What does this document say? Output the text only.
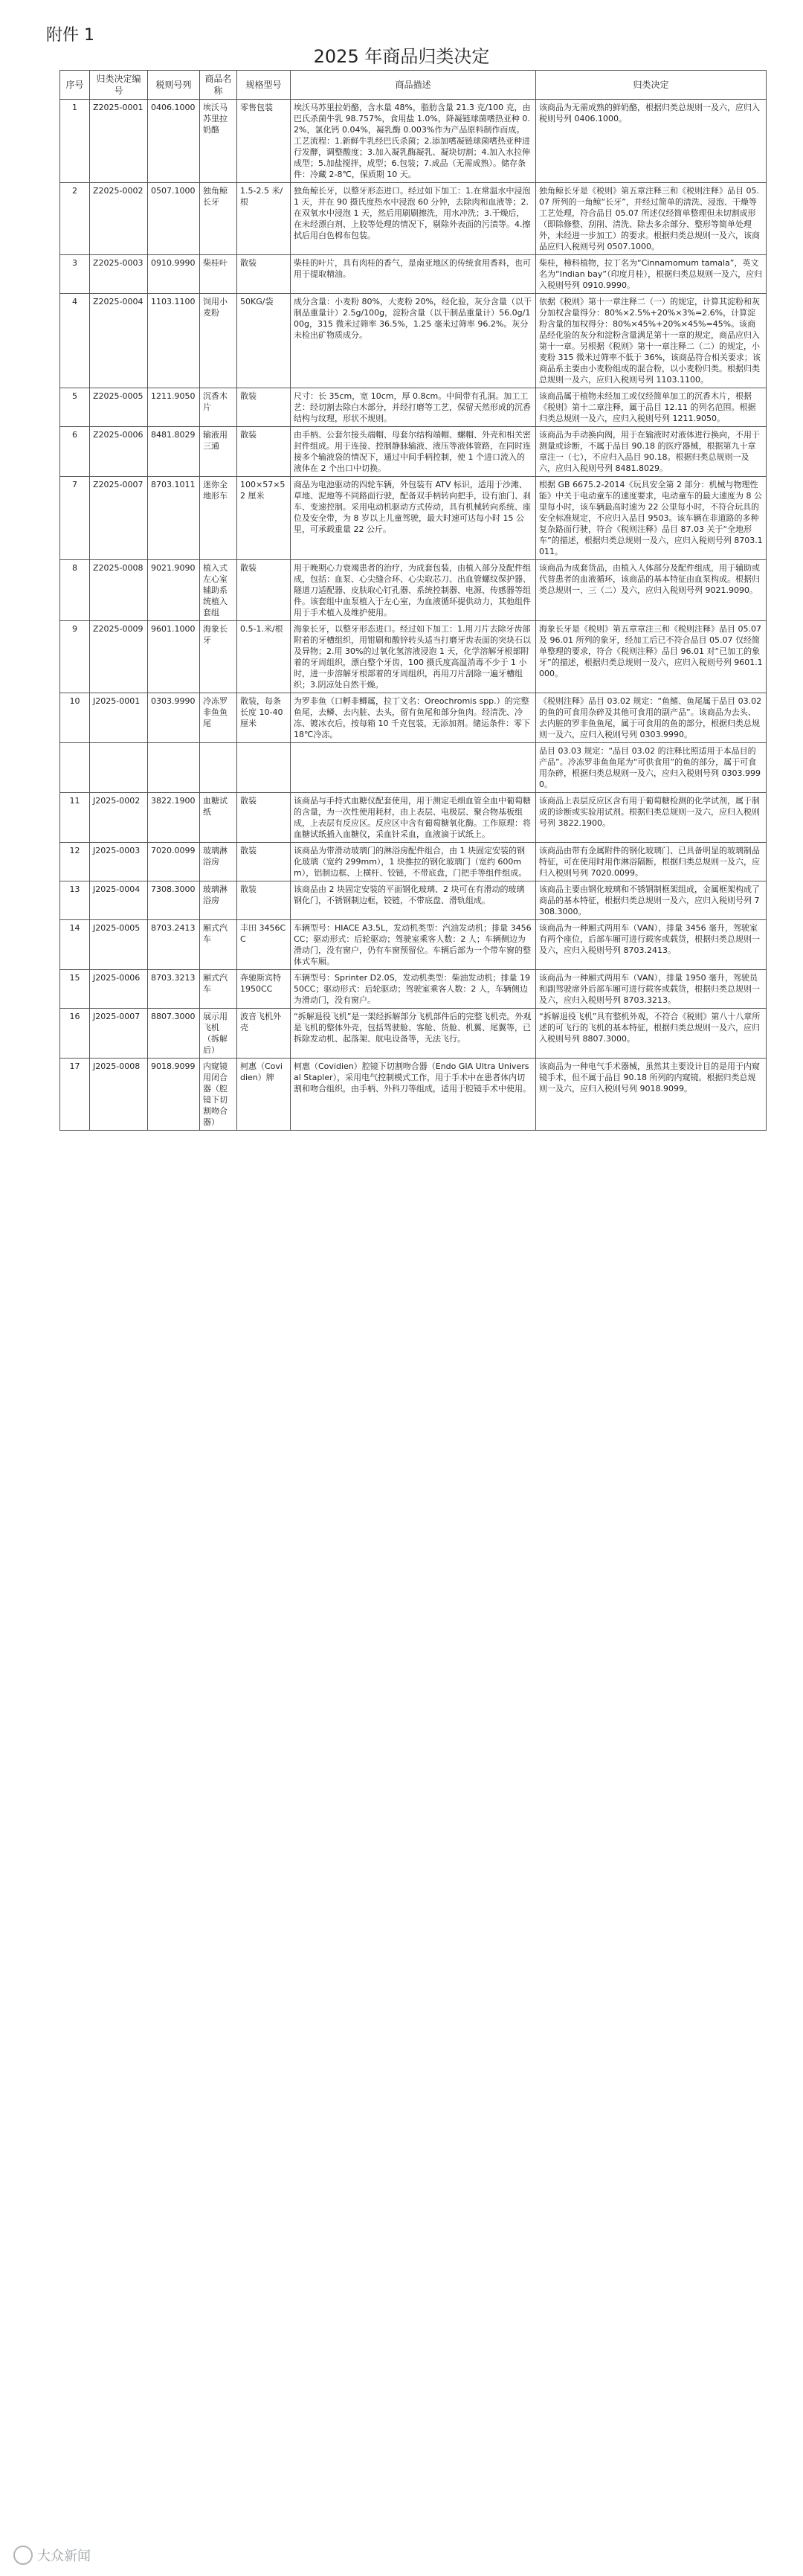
附件 1
2025 年商品归类决定
序号	归类决定编号	税则号列	商品名称	规格型号	商品描述	归类决定
1	Z2025-0001	0406.1000	埃沃马苏里拉奶酪	零售包装	埃沃马苏里拉奶酪，含水量 48%，脂肪含量 21.3 克/100 克，由巴氏杀菌牛乳 98.757%，食用盐 1.0%，降凝链球菌嗜热亚种 0.2%，氯化钙 0.04%，凝乳酶 0.003%作为产品原料制作而成。工艺流程：1.新鲜牛乳经巴氏杀菌；2.添加嗜凝链球菌嗜热亚种进行发酵，调整酸度；3.加入凝乳酶凝乳、凝块切割；4.加入水拉伸成型；5.加盐搅拌，成型；6.包装；7.成品（无需成熟）。储存条件：冷藏 2-8℃，保质期 10 天。	该商品为无需成熟的鲜奶酪，根据归类总规则一及六，应归入税则号列 0406.1000。
2	Z2025-0002	0507.1000	独角鲸长牙	1.5-2.5 米/根	独角鲸长牙，以整牙形态进口。经过如下加工：1.在常温水中浸泡 1 天，并在 90 摄氏度热水中浸泡 60 分钟，去除肉和血液等；2.在双氧水中浸泡 1 天，然后用刷刷擦洗，用水冲洗；3.干燥后，在未经漂白剂、上胶等处理的情况下，剔除外表面的污渍等。4.擦拭后用白色棉布包装。	独角鲸长牙是《税则》第五章注释三和《税则注释》品目 05.07 所列的一角鲸“长牙”，并经过简单的清洗、浸泡、干燥等工艺处理，符合品目 05.07 所述仅经简单整理但未切割成形（即除修整、刮削、清洗、除去多余部分、整形等简单处理外，未经进一步加工）的要求。根据归类总规则一及六，该商品应归入税则号列 0507.1000。
3	Z2025-0003	0910.9990	柴桂叶	散装	柴桂的叶片，具有肉桂的香气，是南亚地区的传统食用香料，也可用于提取精油。	柴桂，樟科植物，拉丁名为“Cinnamomum tamala”，英文名为“Indian bay”（印度月桂），根据归类总规则一及六，应归入税则号列 0910.9990。
4	Z2025-0004	1103.1100	饲用小麦粉	50KG/袋	成分含量：小麦粉 80%，大麦粉 20%，经化验，灰分含量（以干制品重量计）2.5g/100g，淀粉含量（以干制品重量计）56.0g/100g，315 微米过筛率 36.5%，1.25 毫米过筛率 96.2%。灰分未检出矿物质成分。	依据《税则》第十一章注释二（一）的规定，计算其淀粉和灰分加权含量得分：80%×2.5%+20%×3%=2.6%，计算淀粉含量的加权得分：80%×45%+20%×45%=45%。该商品经化验的灰分和淀粉含量满足第十一章的规定，商品应归入第十一章。另根据《税则》第十一章注释二（二）的规定，小麦粉 315 微米过筛率不低于 36%，该商品符合相关要求；该商品系主要由小麦粉组成的混合粉，以小麦粉归类。根据归类总规则一及六，应归入税则号列 1103.1100。
5	Z2025-0005	1211.9050	沉香木片	散装	尺寸：长 35cm，宽 10cm，厚 0.8cm。中间带有孔洞。加工工艺：经切割去除白木部分，并经打磨等工艺，保留天然形成的沉香结构与纹理，形状不规则。	该商品属于植物未经加工或仅经简单加工的沉香木片，根据《税则》第十二章注释，属于品目 12.11 的列名范围。根据归类总规则一及六，应归入税则号列 1211.9050。
6	Z2025-0006	8481.8029	输液用三通	散装	由手柄、公套尔接头端帽、母套尔结构端帽、螺帽、外壳和相关密封件组成。用于连接、控制静脉输液、液压等液体管路，在同时连接多个输液袋的情况下，通过中间手柄控制，使 1 个进口流入的液体在 2 个出口中切换。	该商品为手动换向阀，用于在输液时对液体进行换向，不用于测量或诊断，不属于品目 90.18 的医疗器械，根据第九十章章注一（七），不应归入品目 90.18。根据归类总规则一及六，应归入税则号列 8481.8029。
7	Z2025-0007	8703.1011	迷你全地形车	100×57×52 厘米	商品为电池驱动的四轮车辆，外包装有 ATV 标识，适用于沙滩、草地、泥地等不同路面行驶，配备双手柄转向把手，设有油门、刹车、变速控制。采用电动机驱动方式传动，具有机械转向系统、座位及安全带，为 8 岁以上儿童驾驶，最大时速可达每小时 15 公里，可承载重量 22 公斤。	根据 GB 6675.2-2014《玩具安全第 2 部分：机械与物理性能》中关于电动童车的速度要求，电动童车的最大速度为 8 公里每小时，该车辆最高时速为 22 公里每小时，不符合玩具的安全标准规定，不应归入品目 9503。该车辆在非道路的多种复杂路面行驶，符合《税则注释》品目 87.03 关于“全地形车”的描述，根据归类总规则一及六，应归入税则号列 8703.1011。
8	Z2025-0008	9021.9090	植入式左心室辅助系统植入套组	散装	用于晚期心力衰竭患者的治疗，为成套包装，由植入部分及配件组成，包括：血泵、心尖缝合环、心尖取芯刀、出血管螺纹保护器、隧道刀适配器、皮肤取心钉孔器、系统控制器、电源、传感器等组件。该套组中血泵植入于左心室，为血液循环提供动力，其他组件用于手术植入及维护使用。	该商品为成套货品，由植入人体部分及配件组成，用于辅助或代替患者的血液循环，该商品的基本特征由血泵构成。根据归类总规则一、三（二）及六，应归入税则号列 9021.9090。
9	Z2025-0009	9601.1000	海象长牙	0.5-1.米/根	海象长牙，以整牙形态进口。经过如下加工：1.用刀片去除牙齿部附着的牙槽组织，用钳刷和酸锌转头适当打磨牙齿表面的突块石以及异物；2.用 30%的过氧化氢溶液浸泡 1 天，化学溶解牙根部附着的牙周组织，漂白整个牙齿，100 摄氏度高温消毒不少于 1 小时，进一步溶解牙根部着的牙周组织，再用刀片刮除一遍牙槽组织；3.阴凉处自然干燥。	海象长牙是《税则》第五章章注三和《税则注释》品目 05.07 及 96.01 所列的象牙，经加工后已不符合品目 05.07 仅经简单整理的要求，符合《税则注释》品目 96.01 对“已加工的象牙”的描述，根据归类总规则一及六，应归入税则号列 9601.1000。
10	J2025-0001	0303.9990	冷冻罗非鱼鱼尾	散装，每条长度 10-40 厘米	为罗非鱼（口孵非鲫属，拉丁文名：Oreochromis spp.）的完整鱼尾，去鳞、去内脏、去头，留有鱼尾和部分鱼肉。经清洗、冷冻、镀冰衣后，按每箱 10 千克包装，无添加剂。储运条件：零下 18℃冷冻。	《税则注释》品目 03.02 规定：“鱼鳍、鱼尾属于品目 03.02 的鱼的可食用杂碎及其他可食用的副产品”。该商品为去头、去内脏的罗非鱼鱼尾，属于可食用的鱼的部分，根据归类总规则一及六，应归入税则号列 0303.9990。
						品目 03.03 规定：“品目 03.02 的注释比照适用于本品目的产品”。冷冻罗非鱼鱼尾为“可供食用”的鱼的部分，属于可食用杂碎，根据归类总规则一及六，应归入税则号列 0303.9990。
11	J2025-0002	3822.1900	血糖试纸	散装	该商品与手持式血糖仪配套使用，用于测定毛细血管全血中葡萄糖的含量，为一次性使用耗材，由上表层、电极层、聚合物基板组成，上表层有反应区。反应区中含有葡萄糖氧化酶。工作原理：将血糖试纸插入血糖仪，采血针采血，血液滴于试纸上。	该商品上表层反应区含有用于葡萄糖检测的化学试剂，属于制成的诊断或实验用试剂。根据归类总规则一及六，应归入税则号列 3822.1900。
12	J2025-0003	7020.0099	玻璃淋浴房	散装	该商品为带滑动玻璃门的淋浴房配件组合，由 1 块固定安装的钢化玻璃（宽约 299mm），1 块推拉的钢化玻璃门（宽约 600mm），铝制边框、上横杆、铰链，不带底盘，门把手等组件组成。	该商品由带有金属附件的钢化玻璃门、已具备明显的玻璃制品特征，可在使用时用作淋浴隔断，根据归类总规则一及六，应归入税则号列 7020.0099。
13	J2025-0004	7308.3000	玻璃淋浴房	散装	该商品由 2 块固定安装的平面钢化玻璃、2 块可在有滑动的玻璃钢化门，不锈钢制边框，铰链，不带底盘、滑轨组成。	该商品主要由钢化玻璃和不锈钢制框架组成，金属框架构成了商品的基本特征，根据归类总规则一及六，应归入税则号列 7308.3000。
14	J2025-0005	8703.2413	厢式汽车	丰田 3456CC	车辆型号：HIACE A3.5L，发动机类型：汽油发动机；排量 3456CC；驱动形式：后轮驱动；驾驶室乘客人数：2 人；车辆侧边为滑动门，没有窗户，仍有车窗预留位。车辆后部为一个带车窗的整体式车厢。	该商品为一种厢式两用车（VAN），排量 3456 毫升，驾驶室有两个座位，后部车厢可进行载客或载货，根据归类总规则一及六，应归入税则号列 8703.2413。
15	J2025-0006	8703.3213	厢式汽车	奔驰斯宾特 1950CC	车辆型号：Sprinter D2.0S，发动机类型：柴油发动机；排量 1950CC；驱动形式：后轮驱动；驾驶室乘客人数：2 人，车辆侧边为滑动门，没有窗户。	该商品为一种厢式两用车（VAN），排量 1950 毫升，驾驶员和副驾驶席外后部车厢可进行载客或载货，根据归类总规则一及六，应归入税则号列 8703.3213。
16	J2025-0007	8807.3000	展示用飞机（拆解后）	波音飞机外壳	“拆解退役飞机”是一架经拆解部分飞机部件后的完整飞机壳。外观是飞机的整体外壳，包括驾驶舱、客舱、货舱、机翼、尾翼等，已拆除发动机、起落架、航电设备等，无法飞行。	“拆解退役飞机”具有整机外观，不符合《税则》第八十八章所述的可飞行的飞机的基本特征，根据归类总规则一及六，应归入税则号列 8807.3000。
17	J2025-0008	9018.9099	内窥镜用闭合器（腔镜下切割吻合器）	柯惠（Covidien）牌	柯惠（Covidien）腔镜下切割吻合器（Endo GIA Ultra Universal Stapler），采用电气控制模式工作，用于手术中在患者体内切割和吻合组织，由手柄、外科刀等组成，适用于腔镜手术中使用。	该商品为一种电气手术器械，虽然其主要设计目的是用于内窥镜手术，但不属于品目 90.18 所列的内窥镜。根据归类总规则一及六，应归入税则号列 9018.9099。
大众新闻
